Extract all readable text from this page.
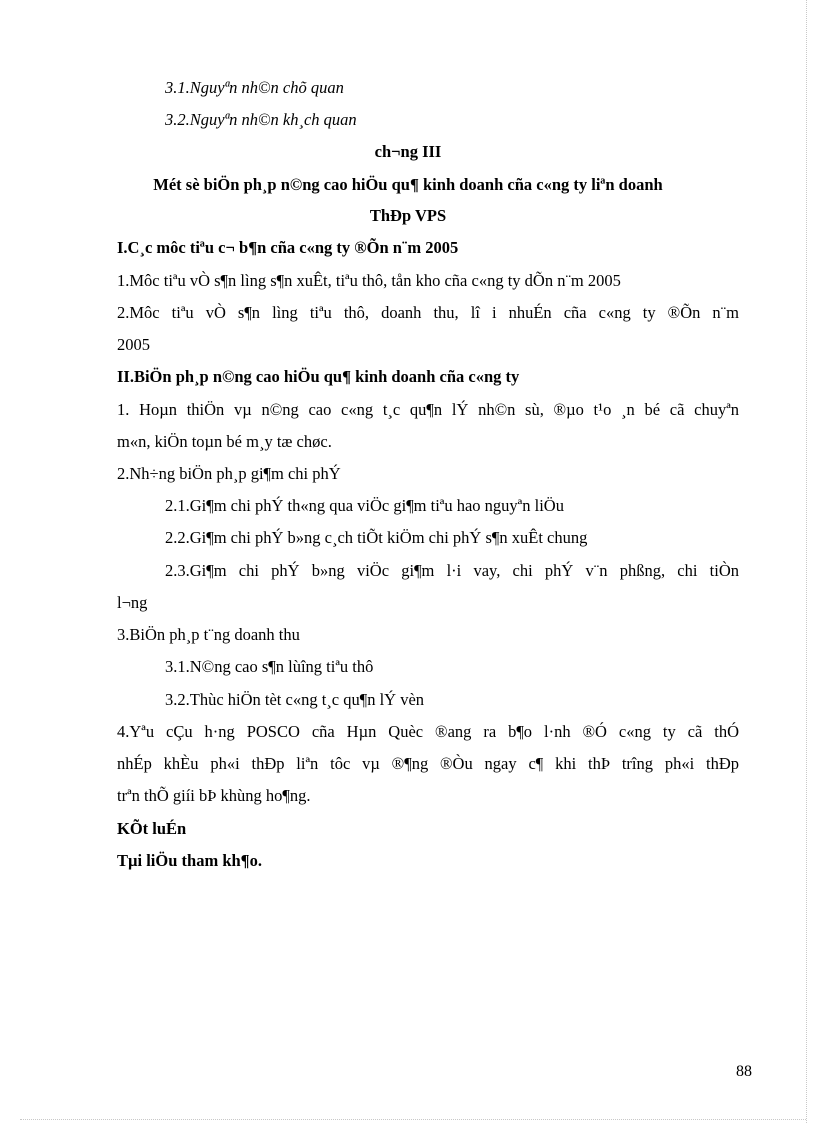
3.1.Nguyªn nh©n chõ quan
3.2.Nguyªn nh©n kh¸ch quan
ch¬ng III
Mét sè biÖn ph¸p n©ng cao hiÖu qu¶ kinh doanh cña c«ng ty liªn doanh
ThÐp VPS
I.C¸c môc tiªu c¬ b¶n cña c«ng ty ®Õn n¨m 2005
1.Môc tiªu vÒ s¶n lìng s¶n xuÊt, tiªu thô, tån kho cña c«ng ty dÕn n¨m 2005
2.Môc tiªu vÒ s¶n lìng tiªu thô, doanh thu, lî i nhuÉn cña c«ng ty ®Õn n¨m
2005
II.BiÖn ph¸p n©ng cao hiÖu qu¶ kinh doanh cña c«ng ty
1. Hoµn thiÖn vµ n©ng cao c«ng t¸c qu¶n lÝ nh©n sù, ®µo t¹o ¸n bé cã chuyªn
m«n, kiÖn toµn bé m¸y tæ chøc.
2.Nh÷ng biÖn ph¸p gi¶m chi phÝ
2.1.Gi¶m chi phÝ th«ng qua viÖc gi¶m tiªu hao nguyªn liÖu
2.2.Gi¶m chi phÝ b»ng c¸ch tiÕt kiÖm chi phÝ s¶n xuÊt chung
2.3.Gi¶m chi phÝ b»ng viÖc gi¶m l·i vay, chi phÝ v¨n phßng, chi tiÒn
l¬ng
3.BiÖn ph¸p t¨ng doanh thu
3.1.N©ng cao s¶n lùîng tiªu thô
3.2.Thùc hiÖn tèt c«ng t¸c qu¶n lÝ vèn
4.Yªu cÇu h·ng POSCO cña Hµn Quèc ®ang ra b¶o l·nh ®Ó c«ng ty cã thÓ
nhÉp khÈu ph«i thÐp liªn tôc vµ ®¶ng ®Òu ngay c¶ khi thÞ trîng ph«i thÐp
trªn thÕ giíi bÞ khùng ho¶ng.
KÕt luÉn
Tµi liÖu tham kh¶o.
88
